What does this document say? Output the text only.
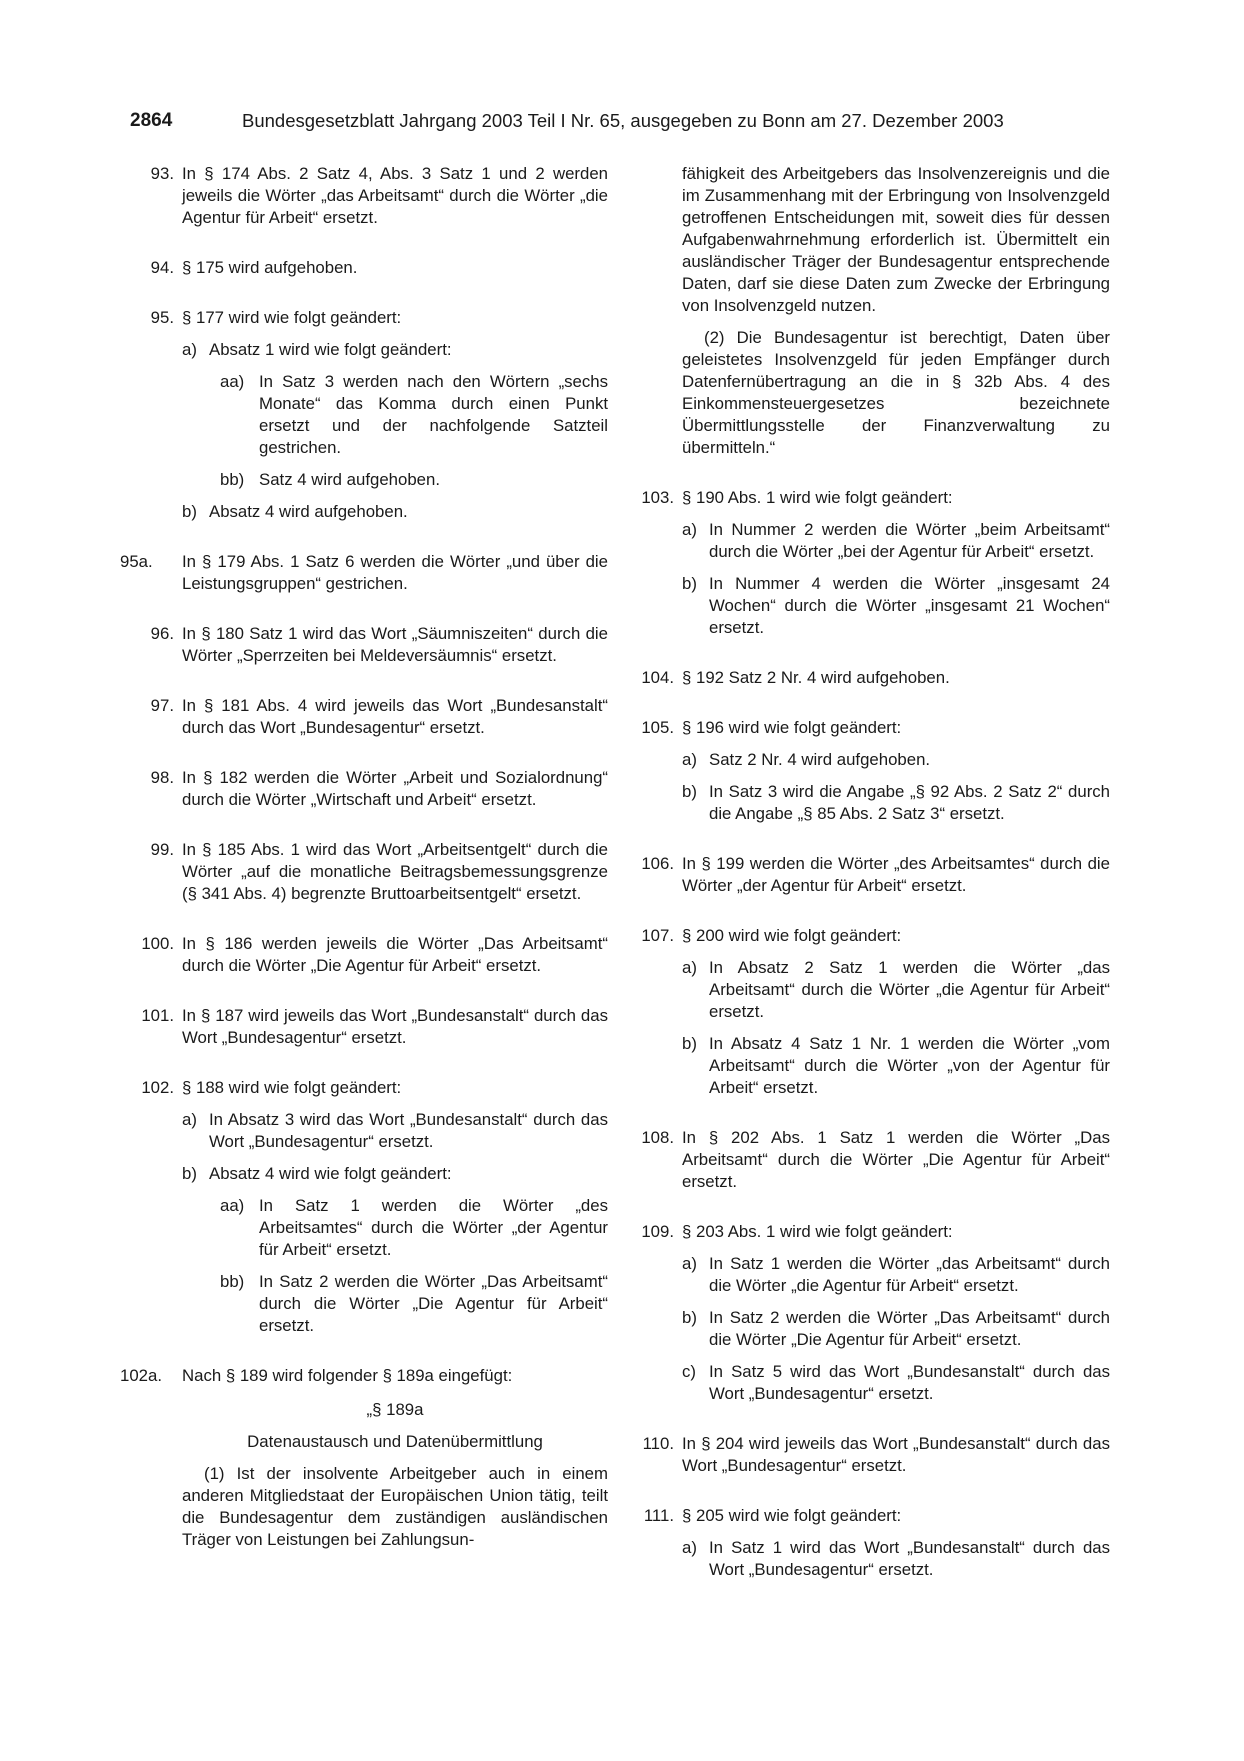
2864	Bundesgesetzblatt Jahrgang 2003 Teil I Nr. 65, ausgegeben zu Bonn am 27. Dezember 2003
93. In § 174 Abs. 2 Satz 4, Abs. 3 Satz 1 und 2 werden jeweils die Wörter „das Arbeitsamt“ durch die Wörter „die Agentur für Arbeit“ ersetzt.
94. § 175 wird aufgehoben.
95. § 177 wird wie folgt geändert:
a) Absatz 1 wird wie folgt geändert:
aa) In Satz 3 werden nach den Wörtern „sechs Monate“ das Komma durch einen Punkt ersetzt und der nachfolgende Satzteil gestrichen.
bb) Satz 4 wird aufgehoben.
b) Absatz 4 wird aufgehoben.
95a.	In § 179 Abs. 1 Satz 6 werden die Wörter „und über die Leistungsgruppen“ gestrichen.
96. In § 180 Satz 1 wird das Wort „Säumniszeiten“ durch die Wörter „Sperrzeiten bei Meldeversäumnis“ ersetzt.
97. In § 181 Abs. 4 wird jeweils das Wort „Bundesanstalt“ durch das Wort „Bundesagentur“ ersetzt.
98. In § 182 werden die Wörter „Arbeit und Sozialordnung“ durch die Wörter „Wirtschaft und Arbeit“ ersetzt.
99. In § 185 Abs. 1 wird das Wort „Arbeitsentgelt“ durch die Wörter „auf die monatliche Beitragsbemessungsgrenze (§ 341 Abs. 4) begrenzte Bruttoarbeitsentgelt“ ersetzt.
100. In § 186 werden jeweils die Wörter „Das Arbeitsamt“ durch die Wörter „Die Agentur für Arbeit“ ersetzt.
101. In § 187 wird jeweils das Wort „Bundesanstalt“ durch das Wort „Bundesagentur“ ersetzt.
102. § 188 wird wie folgt geändert:
a) In Absatz 3 wird das Wort „Bundesanstalt“ durch das Wort „Bundesagentur“ ersetzt.
b) Absatz 4 wird wie folgt geändert:
aa) In Satz 1 werden die Wörter „des Arbeitsamtes“ durch die Wörter „der Agentur für Arbeit“ ersetzt.
bb) In Satz 2 werden die Wörter „Das Arbeitsamt“ durch die Wörter „Die Agentur für Arbeit“ ersetzt.
102a.	Nach § 189 wird folgender § 189a eingefügt:
„§ 189a
Datenaustausch und Datenübermittlung
(1) Ist der insolvente Arbeitgeber auch in einem anderen Mitgliedstaat der Europäischen Union tätig, teilt die Bundesagentur dem zuständigen ausländischen Träger von Leistungen bei Zahlungsun-
fähigkeit des Arbeitgebers das Insolvenzereignis und die im Zusammenhang mit der Erbringung von Insolvenzgeld getroffenen Entscheidungen mit, soweit dies für dessen Aufgabenwahrnehmung erforderlich ist. Übermittelt ein ausländischer Träger der Bundesagentur entsprechende Daten, darf sie diese Daten zum Zwecke der Erbringung von Insolvenzgeld nutzen.
(2) Die Bundesagentur ist berechtigt, Daten über geleistetes Insolvenzgeld für jeden Empfänger durch Datenfernübertragung an die in § 32b Abs. 4 des Einkommensteuergesetzes bezeichnete Übermittlungsstelle der Finanzverwaltung zu übermitteln.“
103. § 190 Abs. 1 wird wie folgt geändert:
a) In Nummer 2 werden die Wörter „beim Arbeitsamt“ durch die Wörter „bei der Agentur für Arbeit“ ersetzt.
b) In Nummer 4 werden die Wörter „insgesamt 24 Wochen“ durch die Wörter „insgesamt 21 Wochen“ ersetzt.
104. § 192 Satz 2 Nr. 4 wird aufgehoben.
105. § 196 wird wie folgt geändert:
a) Satz 2 Nr. 4 wird aufgehoben.
b) In Satz 3 wird die Angabe „§ 92 Abs. 2 Satz 2“ durch die Angabe „§ 85 Abs. 2 Satz 3“ ersetzt.
106. In § 199 werden die Wörter „des Arbeitsamtes“ durch die Wörter „der Agentur für Arbeit“ ersetzt.
107. § 200 wird wie folgt geändert:
a) In Absatz 2 Satz 1 werden die Wörter „das Arbeitsamt“ durch die Wörter „die Agentur für Arbeit“ ersetzt.
b) In Absatz 4 Satz 1 Nr. 1 werden die Wörter „vom Arbeitsamt“ durch die Wörter „von der Agentur für Arbeit“ ersetzt.
108. In § 202 Abs. 1 Satz 1 werden die Wörter „Das Arbeitsamt“ durch die Wörter „Die Agentur für Arbeit“ ersetzt.
109. § 203 Abs. 1 wird wie folgt geändert:
a) In Satz 1 werden die Wörter „das Arbeitsamt“ durch die Wörter „die Agentur für Arbeit“ ersetzt.
b) In Satz 2 werden die Wörter „Das Arbeitsamt“ durch die Wörter „Die Agentur für Arbeit“ ersetzt.
c) In Satz 5 wird das Wort „Bundesanstalt“ durch das Wort „Bundesagentur“ ersetzt.
110. In § 204 wird jeweils das Wort „Bundesanstalt“ durch das Wort „Bundesagentur“ ersetzt.
111. § 205 wird wie folgt geändert:
a) In Satz 1 wird das Wort „Bundesanstalt“ durch das Wort „Bundesagentur“ ersetzt.
